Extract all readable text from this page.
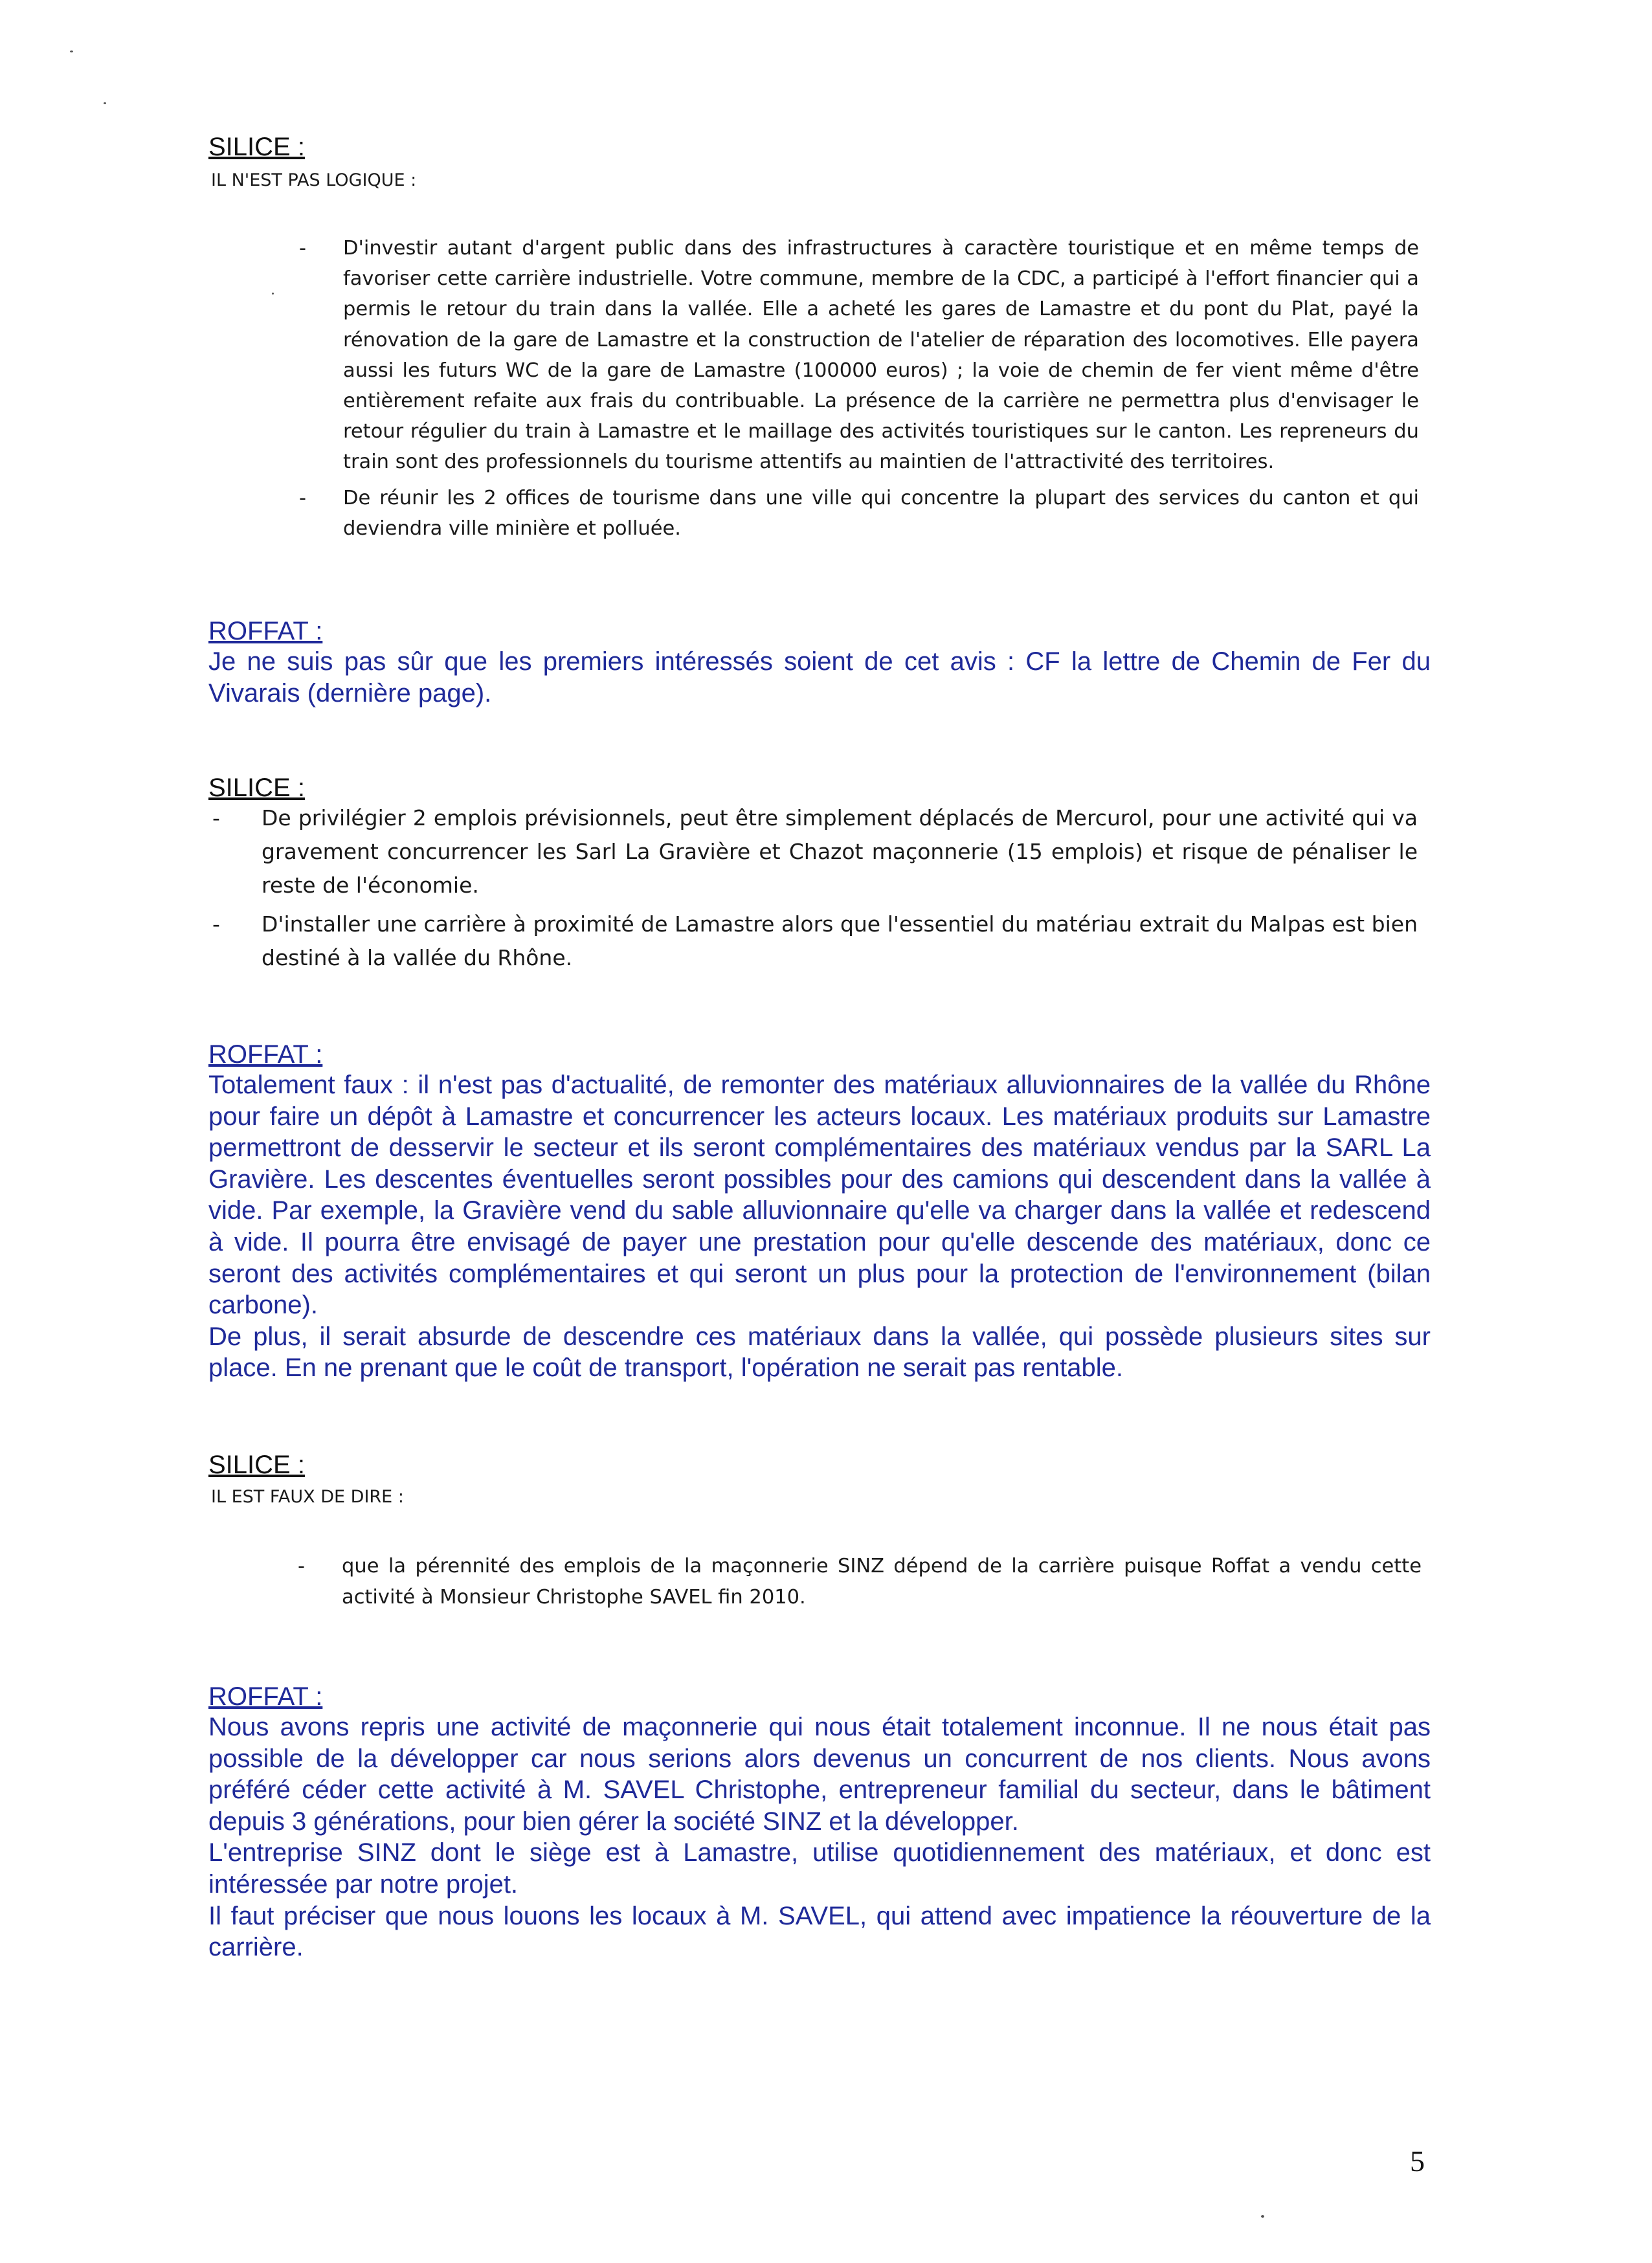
SILICE :
IL N'EST PAS LOGIQUE :
- D'investir autant d'argent public dans des infrastructures à caractère touristique et en même temps de favoriser cette carrière industrielle. Votre commune, membre de la CDC, a participé à l'effort financier qui a permis le retour du train dans la vallée. Elle a acheté les gares de Lamastre et du pont du Plat, payé la rénovation de la gare de Lamastre et la construction de l'atelier de réparation des locomotives. Elle payera aussi les futurs WC de la gare de Lamastre (100000 euros) ; la voie de chemin de fer vient même d'être entièrement refaite aux frais du contribuable. La présence de la carrière ne permettra plus d'envisager le retour régulier du train à Lamastre et le maillage des activités touristiques sur le canton. Les repreneurs du train sont des professionnels du tourisme attentifs au maintien de l'attractivité des territoires.
- De réunir les 2 offices de tourisme dans une ville qui concentre la plupart des services du canton et qui deviendra ville minière et polluée.
ROFFAT :

Je ne suis pas sûr que les premiers intéressés soient de cet avis : CF la lettre de Chemin de Fer du Vivarais (dernière page).

SILICE :
- De privilégier 2 emplois prévisionnels, peut être simplement déplacés de Mercurol, pour une activité qui va gravement concurrencer les Sarl La Gravière et Chazot maçonnerie (15 emplois) et risque de pénaliser le reste de l'économie.
- D'installer une carrière à proximité de Lamastre alors que l'essentiel du matériau extrait du Malpas est bien destiné à la vallée du Rhône.
ROFFAT :

Totalement faux : il n'est pas d'actualité, de remonter des matériaux alluvionnaires de la vallée du Rhône pour faire un dépôt à Lamastre et concurrencer les acteurs locaux. Les matériaux produits sur Lamastre permettront de desservir le secteur et ils seront complémentaires des matériaux vendus par la SARL La Gravière. Les descentes éventuelles seront possibles pour des camions qui descendent dans la vallée à vide. Par exemple, la Gravière vend du sable alluvionnaire qu'elle va charger dans la vallée et redescend à vide. Il pourra être envisagé de payer une prestation pour qu'elle descende des matériaux, donc ce seront des activités complémentaires et qui seront un plus pour la protection de l'environnement (bilan carbone).

De plus, il serait absurde de descendre ces matériaux dans la vallée, qui possède plusieurs sites sur place. En ne prenant que le coût de transport, l'opération ne serait pas rentable.

SILICE :
IL EST FAUX DE DIRE :
- que la pérennité des emplois de la maçonnerie SINZ dépend de la carrière puisque Roffat a vendu cette activité à Monsieur Christophe SAVEL fin 2010.
ROFFAT :

Nous avons repris une activité de maçonnerie qui nous était totalement inconnue. Il ne nous était pas possible de la développer car nous serions alors devenus un concurrent de nos clients. Nous avons préféré céder cette activité à M. SAVEL Christophe, entrepreneur familial du secteur, dans le bâtiment depuis 3 générations, pour bien gérer la société SINZ et la développer.

L'entreprise SINZ dont le siège est à Lamastre, utilise quotidiennement des matériaux, et donc est intéressée par notre projet.

Il faut préciser que nous louons les locaux à M. SAVEL, qui attend avec impatience la réouverture de la carrière.

5
